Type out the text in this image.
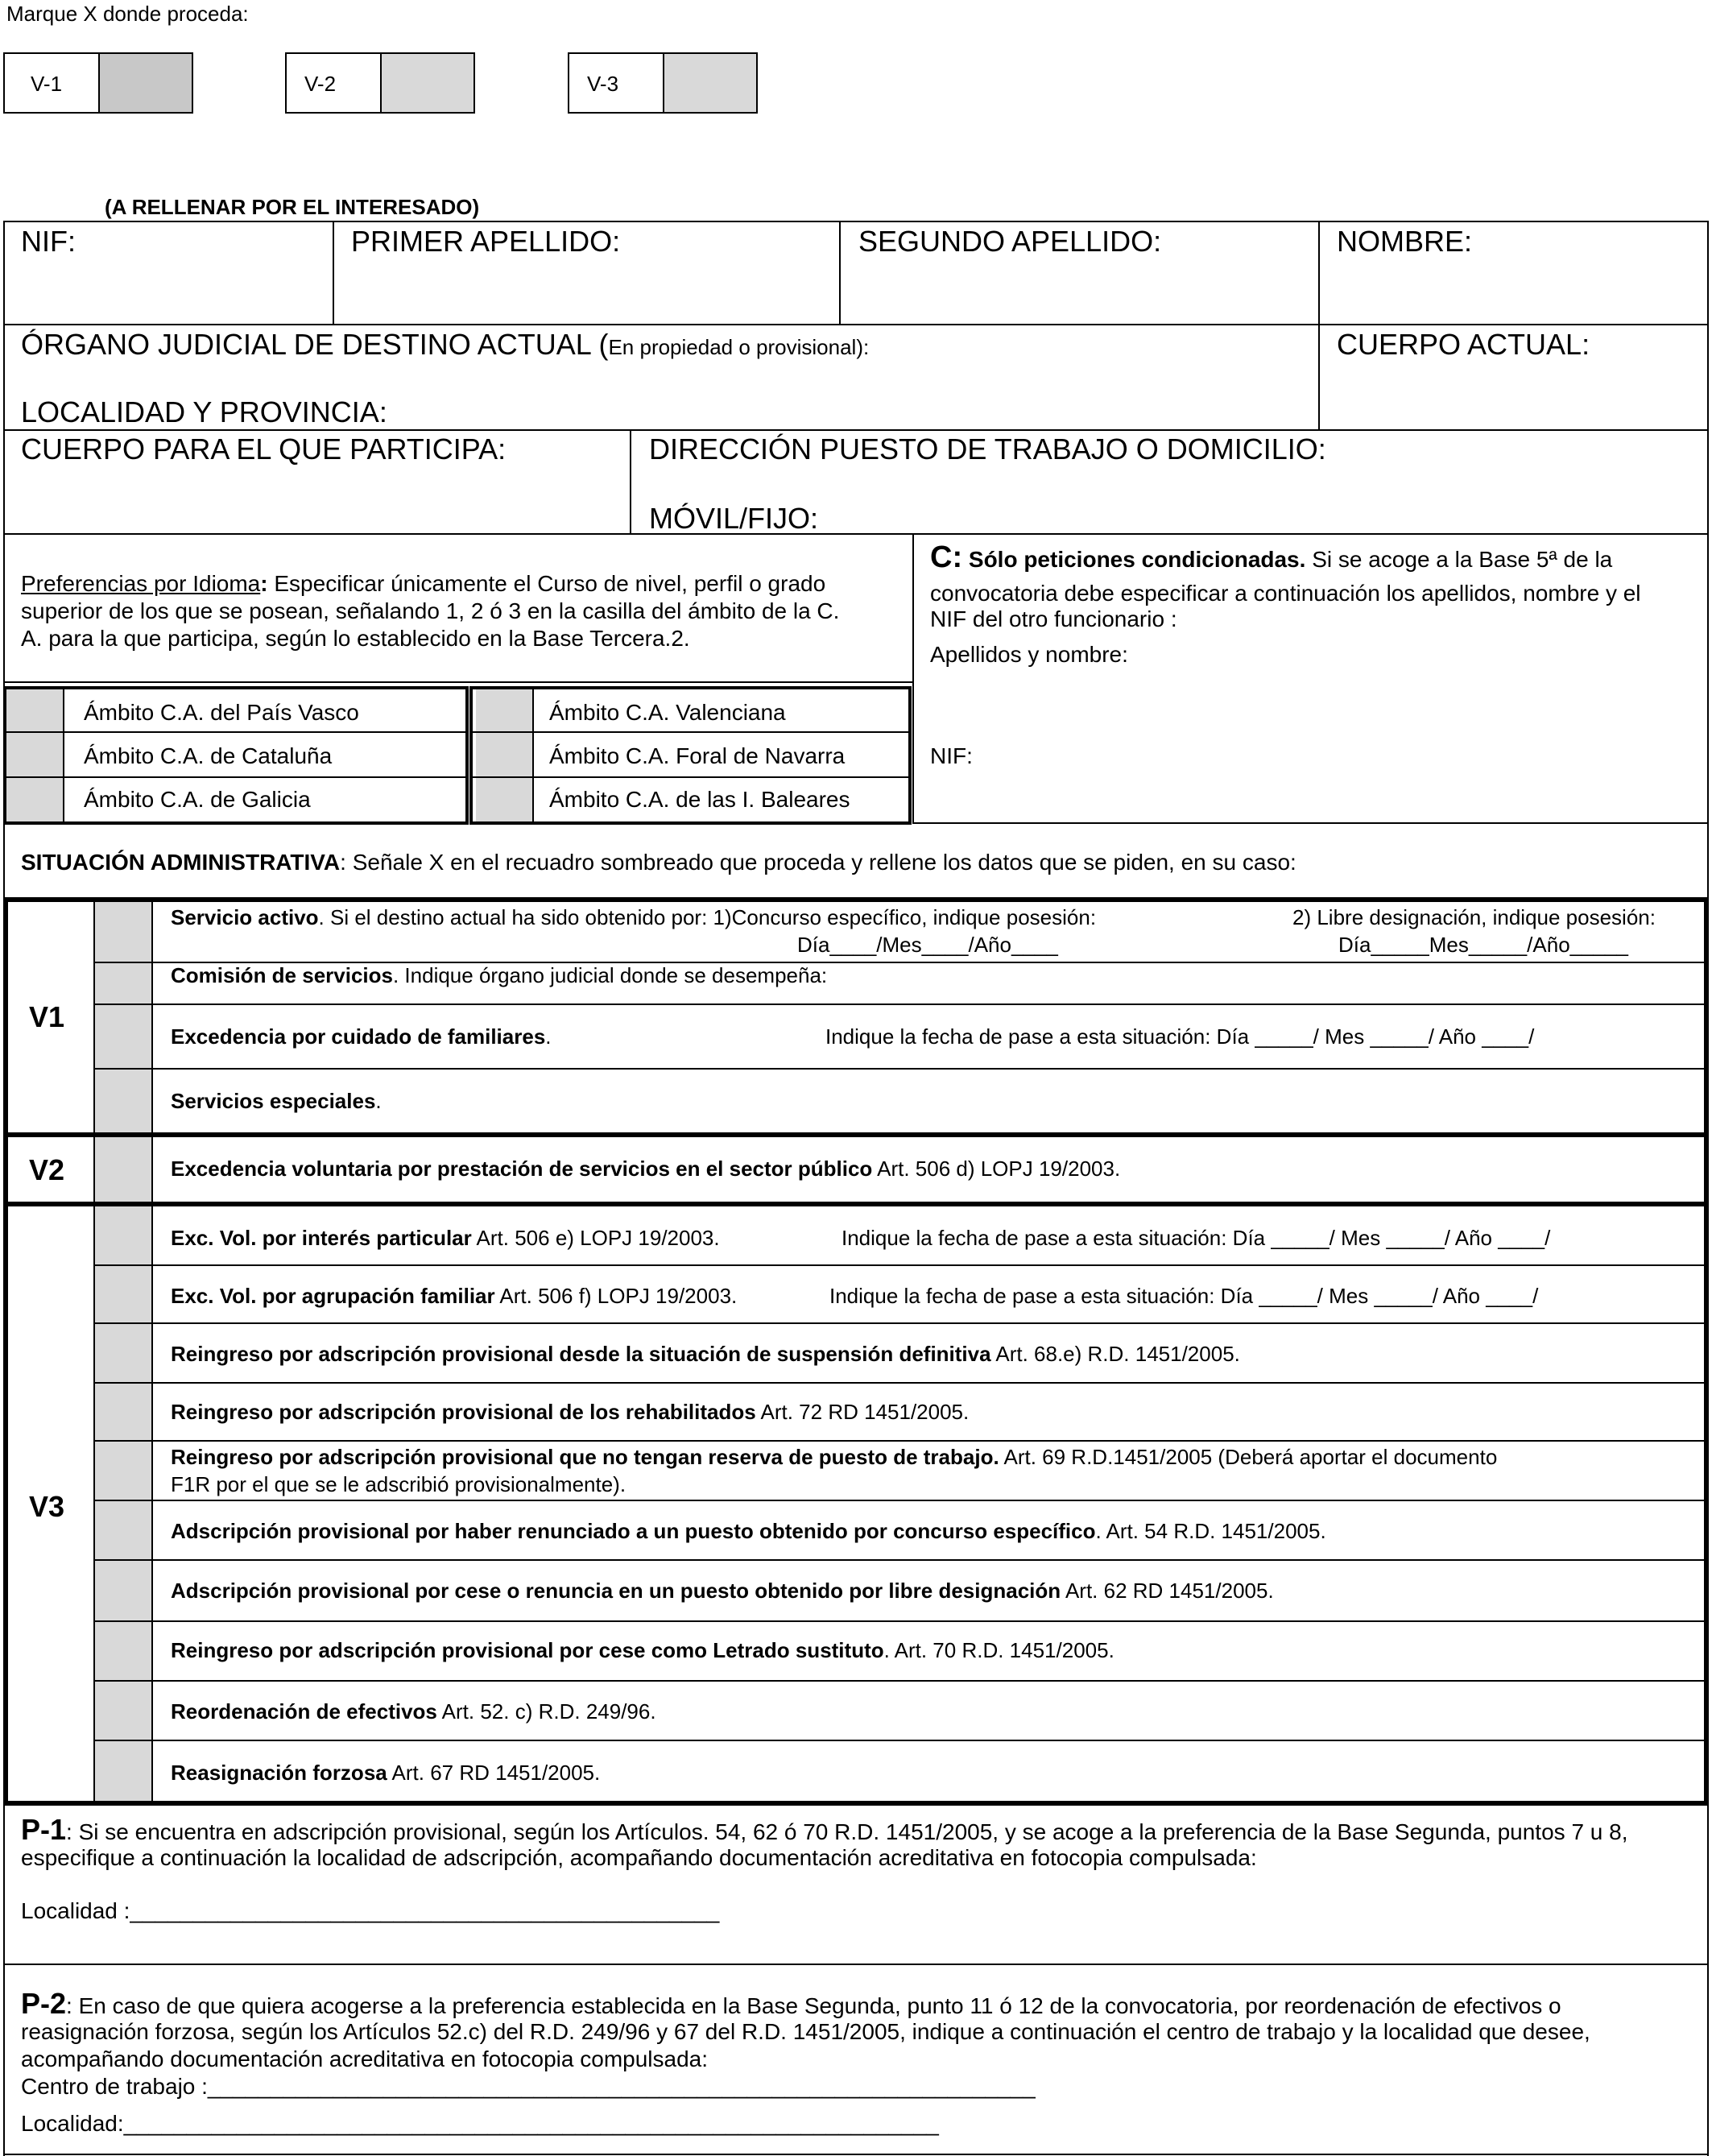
Marque X donde proceda:
V-1	V-2	V-3
(A RELLENAR POR EL INTERESADO)
NIF:	PRIMER APELLIDO:	SEGUNDO APELLIDO:	NOMBRE:
ÓRGANO JUDICIAL DE DESTINO ACTUAL (En propiedad o provisional):	CUERPO ACTUAL:
LOCALIDAD Y PROVINCIA:
CUERPO PARA EL QUE PARTICIPA:	DIRECCIÓN PUESTO DE TRABAJO O DOMICILIO:
MÓVIL/FIJO:
Preferencias por Idioma: Especificar únicamente el Curso de nivel, perfil o grado
superior de los que se posean, señalando 1, 2 ó 3 en la casilla del ámbito de la C.
A. para la que participa, según lo establecido en la Base Tercera.2.
C: Sólo peticiones condicionadas. Si se acoge a la Base 5ª de la
convocatoria debe especificar a continuación los apellidos, nombre y el
NIF del otro funcionario :
Apellidos y nombre:
NIF:
Ámbito C.A. del País Vasco
Ámbito C.A. de Cataluña
Ámbito C.A. de Galicia
Ámbito C.A. Valenciana
Ámbito C.A. Foral de Navarra
Ámbito C.A. de las I. Baleares
SITUACIÓN ADMINISTRATIVA: Señale X en el recuadro sombreado que proceda y rellene los datos que se piden, en su caso:
V1
Servicio activo. Si el destino actual ha sido obtenido por: 1)Concurso específico, indique posesión:	2) Libre designación, indique posesión:
Día____/Mes____/Año____	Día_____Mes_____/Año_____
Comisión de servicios. Indique órgano judicial donde se desempeña:
Excedencia por cuidado de familiares.	Indique la fecha de pase a esta situación: Día _____/ Mes _____/ Año ____/
Servicios especiales.
V2	Excedencia voluntaria por prestación de servicios en el sector público Art. 506 d) LOPJ 19/2003.
V3
Exc. Vol. por interés particular Art. 506 e) LOPJ 19/2003.	Indique la fecha de pase a esta situación: Día _____/ Mes _____/ Año ____/
Exc. Vol. por agrupación familiar Art. 506 f) LOPJ 19/2003.	Indique la fecha de pase a esta situación: Día _____/ Mes _____/ Año ____/
Reingreso por adscripción provisional desde la situación de suspensión definitiva Art. 68.e) R.D. 1451/2005.
Reingreso por adscripción provisional de los rehabilitados Art. 72 RD 1451/2005.
Reingreso por adscripción provisional que no tengan reserva de puesto de trabajo. Art. 69 R.D.1451/2005 (Deberá aportar el documento
F1R por el que se le adscribió provisionalmente).
Adscripción provisional por haber renunciado a un puesto obtenido por concurso específico. Art. 54 R.D. 1451/2005.
Adscripción provisional por cese o renuncia en un puesto obtenido por libre designación Art. 62 RD 1451/2005.
Reingreso por adscripción provisional por cese como Letrado sustituto. Art. 70 R.D. 1451/2005.
Reordenación de efectivos Art. 52. c) R.D. 249/96.
Reasignación forzosa Art. 67 RD 1451/2005.
P-1: Si se encuentra en adscripción provisional, según los Artículos. 54, 62 ó 70 R.D. 1451/2005, y se acoge a la preferencia de la Base Segunda, puntos 7 u 8,
especifique a continuación la localidad de adscripción, acompañando documentación acreditativa en fotocopia compulsada:
Localidad :_______________________________________________
P-2: En caso de que quiera acogerse a la preferencia establecida en la Base Segunda, punto 11 ó 12 de la convocatoria, por reordenación de efectivos o
reasignación forzosa, según los Artículos 52.c) del R.D. 249/96 y 67 del R.D. 1451/2005, indique a continuación el centro de trabajo y la localidad que desee,
acompañando documentación acreditativa en fotocopia compulsada:
Centro de trabajo :__________________________________________________________________
Localidad:_________________________________________________________________
